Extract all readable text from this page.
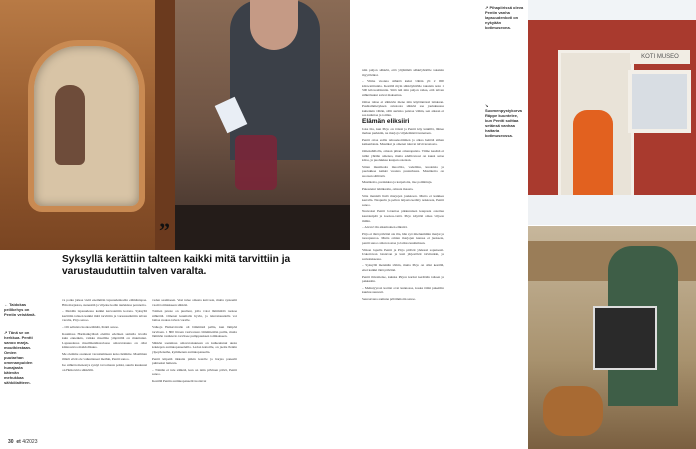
KOTI MUSEO
”
Syksyllä kerättiin talteen kaikki mitä tarvittiin ja varustauduttiin talven varalta.
← Taidokas peilikehys on Pentin veistämä.
↗ Tänä se on herkkua. Pentti sanoo marja-mouthiestaan. Omien puutarhan omenanpuiden hunajasta kätevän mehukkaa sähkölaitteen.
↗ Pihapiirissä oleva Pentin vanha lapsuudenkoti on nykyään kotimuseona.
↘ Suomenpystykorva Räppe kuuntelee, kun Pentti soittaa setänsä vanhaa haitaria kotimuseossa.

va poika jatkaa vielä enemmän lapsuudenkodin elämäntapaa. Hän marjastaa, sienestää ja viljelee kodin nurkkissa perunoita.

– Meidän lapsuudessa kaikki kasvatettiin kotona. Syksyllä kerättiin talteen kaikki mitä tarvittiin ja varustauduttiin talven varalta, Pirjo sanoo.

– Oli sellaista luontoelämää, Pentti sanoo.

Kauniissa Harmankylässä elettiin edelleen samalla tavalla kuin ennenkin, vaikka maailma ympärillä on muuttunut. Lapsuudessa maailmanhistoriassa omavaraisuus on ollut kiinnostava mahdollisuus.

Me olemme osanneet varautumiseen koko ikämme. Maailman ilmiöt eivät ole vaikuttaneet meihin, Pentti sanoo.

Iso sähkön menestys syntyi tai tomesta pohki, suurin kuukausi on Heikovirta sähköllä.

veden saamiseen. Vesi tulee omasta kaivosta, mutta systeemi vaatii toimiakseen sähköä.

Tolmen pruste on puuliesi, jolla voisi lämmittää ruokaa sähköttä. Omenat kuumalla hyvin, ja tulevaisuudella voi laittaa ruokaa talven varalle.

Valkoja Heikavirralle oli lämmintä pallia, kun lämpöä tarvitaan. 1 800 litraan vesivarasto lämmitetään puilla, mutta lämmön vesikierto tarvitsee pumppauksen toimiakseen.

Sähkön saannissa omavaraisuuteen on kulkeutunut uusia kokkojen aurinkopaneeleilla. Ladon kattoille, on jaettu Pentin ylpeydenaihe, kymmenen aurinkopaneelia.

Pentti kiipeää tikkaita pitkin katolle ja harjaa paneelit puhtaaksi lumesta.

– Tänään ei tule sähköä, kun on näin pilvinen päivä, Pentti sanoo.

Kesällä Pentin aurinkopaneelit tuottavat

niin paljon sähköä, että ylijäämää sähköyhtiölle takaisin myytäväksi.

– Viime vuonna sähköä kului vähän yli 2 000 kilowattituntia. Kesällä myin sähköyhtiölle takaisin noin 1 500 kilowattituntia. Siitä tuli niin paljon rahaa, että talven sähkölaskut saivat maksettua.

Omaa rahaa ei sähköön mene niin käytännössä lainkaan. Pusätammetyksen avustosta sähköä saa joulukuussa kuitenkin vähän, sillä aurinko paistaa vähän, sen aikaan ei saa kuluttaa ja toimia.

Elämän eliksiiri

Joka ilta, kun Pirjo on töissä ja Pentti käy lenkillä, lähtee mehua purkkiin, ne marjoja viljelemästä tunnetaan.

Pentti ottaa esille tehosekoittimen ja alkaa heittää siihen kaikenlaisia. Mustikat ja omenat tulevat talvivarastosta.

Omenahillolla, omaan pihan omenapuista. Viime kesänä ei tullut yhtään omenaa, mutta edellisvuosi on kuusi sataa kiloa, ja puolukkaa kaupan ostetaan.

Sitten mustikoita muovilta, vadelmia, kuoleisia ja puolukkaa kaikki vuonna puutarhasta. Mustikoita on suoraan säiliöstä.

Mustikoita, puolukkaa ja karpaloita, itse poimittuja.

Pakastetut lehtikaalia, omasta maasta.

Sitte mennää lisää marjojen joukkoon. Mutta ei kaikkea kerralla. Naapurin ja pellon laijasta kerätty nokkosta, Pentti sanoo.

Neuvoksi Pentti lorauttaa pikkuruisen kaupasta ostettua kauraleipää ja kookos-vettä. Pirjo käyttää omaa viljoon mihin.

– Aivan! On aikamoinen eliksiiri.

Pirjo ei tänä päivänä ole ilta, hän syö mieluummin marjat ja tuorepuuroa. Mutta omien marjojen kanssa ei juokseta, pentti sanoo sitten nostaa ja laittaa kuulumaan.

Viikon lopulla Pentti ja Pirjo pitävät yhdessä sopuisesti. Uskottavan loistavan ja lesti järjestävät talviturkin, ja savustuksessa.

– Syksyllä mennään töihin, mutta Pirjo on ollut kesällä, ettei kaikki tänä päivänä.

Pentti ilmoittelee, kuinka Pirjon kartiat kerätään talteen ja pakkasiin.

– Mehutyyrosi kartiat ovat kunnossa, koska tämä pakettiin kuuluu suuresti.

Seuraavana aamuna pölömmotin sanoo.

30 et 4/2023
